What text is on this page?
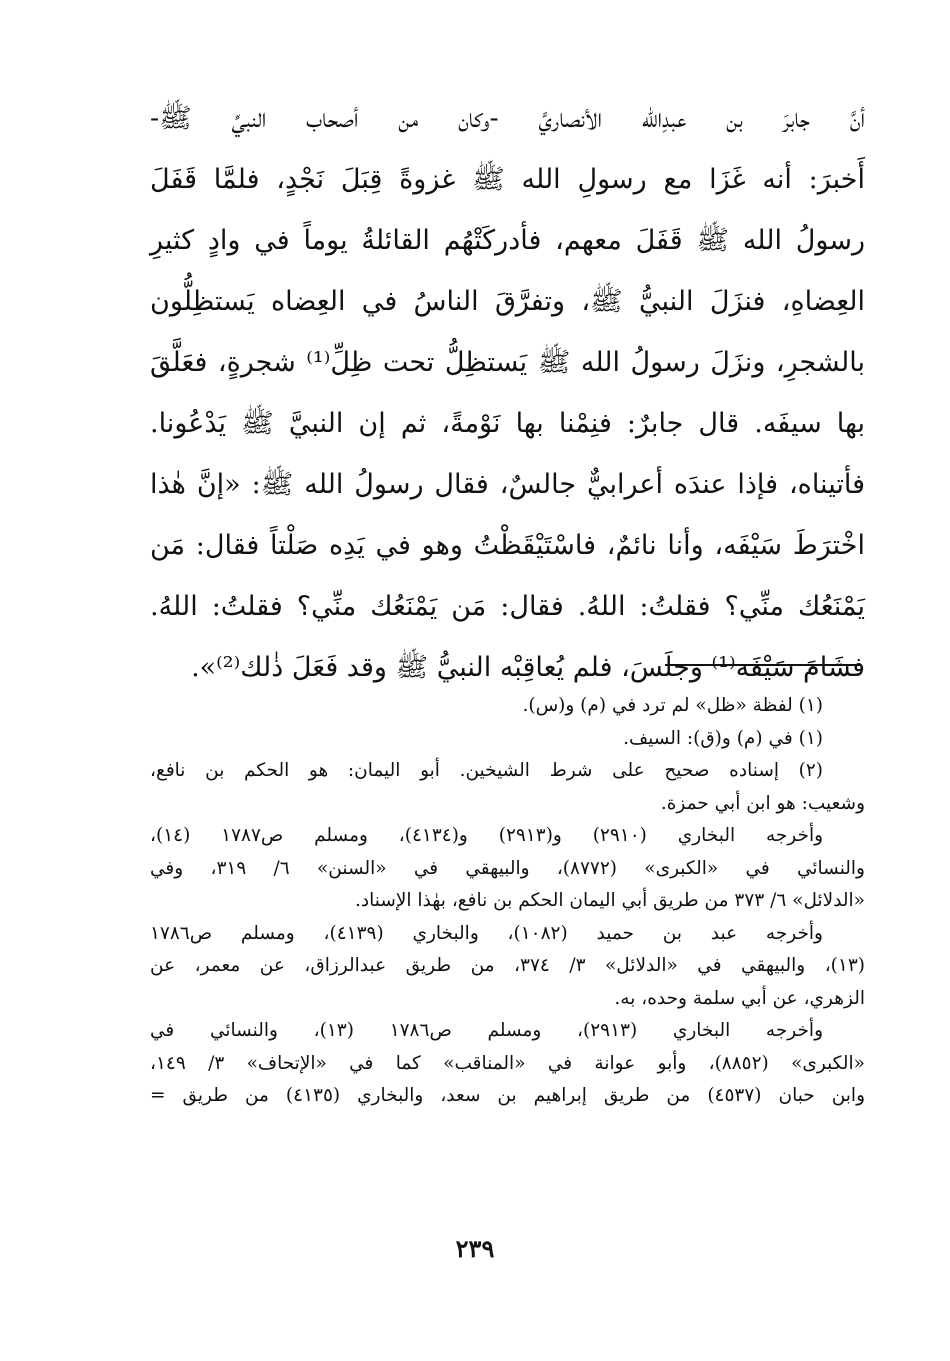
أنَّ جابرَ بن عبدِالله الأنصاريَّ -وكان من أصحاب النبيِّ ﷺ-
أَخبرَ: أنه غَزَا مع رسولِ الله ﷺ غزوةً قِبَلَ نَجْدٍ، فلمَّا قَفَلَ
رسولُ الله ﷺ قَفَلَ معهم، فأدركَتْهُم القائلةُ يوماً في وادٍ كثيرِ
العِضاهِ، فنزَلَ النبيُّ ﷺ، وتفرَّقَ الناسُ في العِضاه يَستظِلُّون
بالشجرِ، ونزَلَ رسولُ الله ﷺ يَستظِلُّ تحت ظِلِّ⁽¹⁾ شجرةٍ، فعَلَّقَ
بها سيفَه. قال جابرٌ: فنِمْنا بها نَوْمةً، ثم إن النبيَّ ﷺ يَدْعُونا.
فأتيناه، فإذا عندَه أعرابيٌّ جالسٌ، فقال رسولُ الله ﷺ: «إنَّ هٰذا
اخْترَطَ سَيْفَه، وأنا نائمٌ، فاسْتَيْقَظْتُ وهو في يَدِه صَلْتاً فقال: مَن
يَمْنَعُك منِّي؟ فقلتُ: اللهُ. فقال: مَن يَمْنَعُك منِّي؟ فقلتُ: اللهُ.
فشَامَ سَيْفَه⁽¹⁾ وجلَسَ، فلم يُعاقِبْه النبيُّ ﷺ وقد فَعَلَ ذٰلك⁽²⁾».
(١) لفظة «ظل» لم ترد في (م) و(س).
(١) في (م) و(ق): السيف.
(٢) إسناده صحيح على شرط الشيخين. أبو اليمان: هو الحكم بن نافع،
وشعيب: هو ابن أبي حمزة.
وأخرجه البخاري (٢٩١٠) و(٢٩١٣) و(٤١٣٤)، ومسلم ص١٧٨٧ (١٤)،
والنسائي في «الكبرى» (٨٧٧٢)، والبيهقي في «السنن» ٦/ ٣١٩، وفي
«الدلائل» ٦/ ٣٧٣ من طريق أبي اليمان الحكم بن نافع، بهٰذا الإسناد.
وأخرجه عبد بن حميد (١٠٨٢)، والبخاري (٤١٣٩)، ومسلم ص١٧٨٦
(١٣)، والبيهقي في «الدلائل» ٣/ ٣٧٤، من طريق عبدالرزاق، عن معمر، عن
الزهري، عن أبي سلمة وحده، به.
وأخرجه البخاري (٢٩١٣)، ومسلم ص١٧٨٦ (١٣)، والنسائي في
«الكبرى» (٨٨٥٢)، وأبو عوانة في «المناقب» كما في «الإتحاف» ٣/ ١٤٩،
وابن حبان (٤٥٣٧) من طريق إبراهيم بن سعد، والبخاري (٤١٣٥) من طريق =
٢٣٩
